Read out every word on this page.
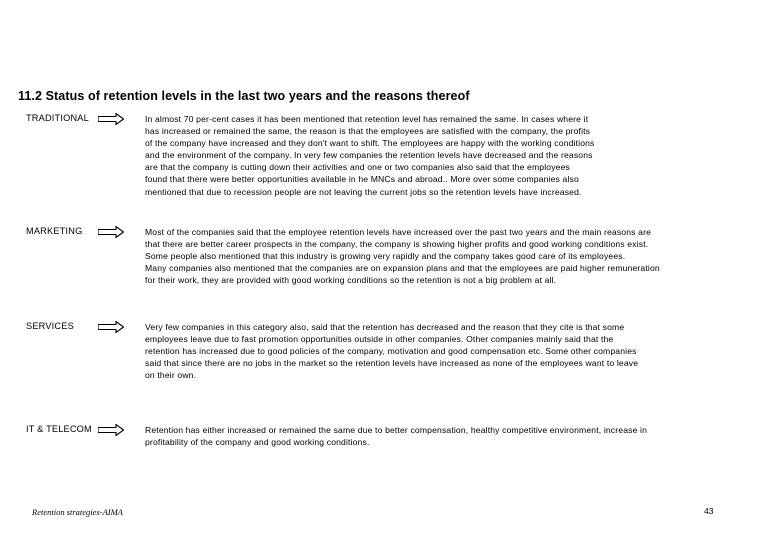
11.2 Status of retention levels in the last two years and the reasons thereof
TRADITIONAL	In almost 70 per-cent cases it has been mentioned that retention level has remained the same. In cases where it
has increased or remained the same, the reason is that the employees are satisfied with the company, the profits
of the company have increased and they don't want to shift. The employees are happy with the working conditions
and the environment of the company. In very few companies the retention levels have decreased and the reasons
are that the company is cutting down their activities and one or two companies also said that the employees
found that there were better opportunities available in he MNCs and abroad.. More over some companies also
mentioned that due to recession people are not leaving the current jobs so the retention levels have increased.
MARKETING	Most of the companies said that the employee retention levels have increased over the past two years and the main reasons are
that there are better career prospects in the company, the company is showing higher profits and good working conditions exist.
Some people also mentioned that this industry is growing very rapidly and the company takes good care of its employees.
Many companies also mentioned that the companies are on expansion plans and that the employees are paid higher remuneration
for their work, they are provided with good working conditions so the retention is not a big problem at all.
SERVICES	Very few companies in this category also, said that the retention has decreased and the reason that they cite is that some
employees leave due to fast promotion opportunities outside in other companies. Other companies mainly said that the
retention has increased due to good policies of the company, motivation and good compensation etc. Some other companies
said that since there are no jobs in the market so the retention levels have increased as none of the employees want to leave
on their own.
IT & TELECOM	Retention has either increased or remained the same due to better compensation, healthy competitive environment, increase in
profitability of the company and good working conditions.
Retention strategies-AIMA	43
